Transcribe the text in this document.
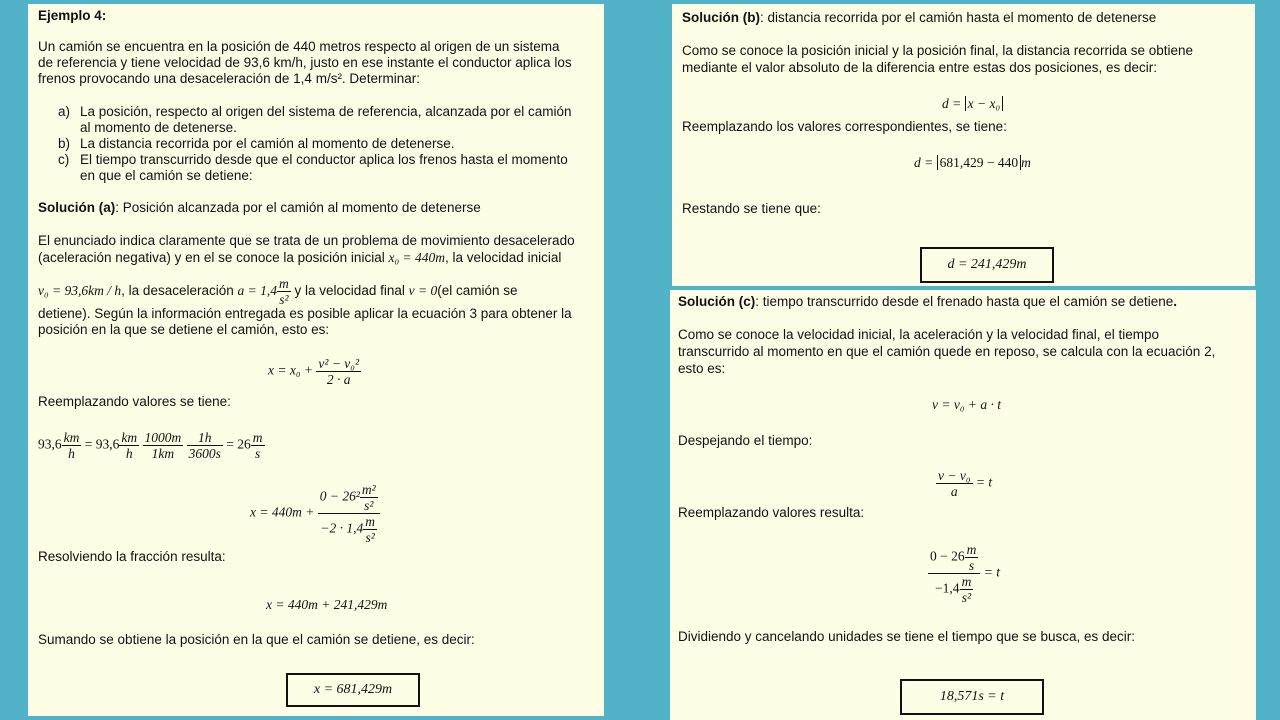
Ejemplo 4:
Un camión se encuentra en la posición de 440 metros respecto al origen de un sistema
de referencia y tiene velocidad de 93,6 km/h, justo en ese instante el conductor aplica los
frenos provocando una desaceleración de 1,4 m/s². Determinar:
a) La posición, respecto al origen del sistema de referencia, alcanzada por el camión
al momento de detenerse.
b) La distancia recorrida por el camión al momento de detenerse.
c) El tiempo transcurrido desde que el conductor aplica los frenos hasta el momento
en que el camión se detiene:
Solución (a): Posición alcanzada por el camión al momento de detenerse
El enunciado indica claramente que se trata de un problema de movimiento desacelerado
(aceleración negativa) y en el se conoce la posición inicial x₀ = 440m, la velocidad inicial
v₀ = 93,6km / h, la desaceleración $a = 1,4 \frac{m}{\text{s²}}$ y la velocidad final v = 0(el camión se
detiene). Según la información entregada es posible aplicar la ecuación 3 para obtener la
posición en la que se detiene el camión, esto es:
$x = x_0 + \frac{\text{v² − v₀²}}{2 \cdot a}$
Reemplazando valores se tiene:
$93,6 \frac{km}{h} = 93,6 \frac{km}{h}$
$\frac{1000m}{1km}$
$\frac{1h}{3600s} = 26 \frac{m}{s}$
$x = 440m + \frac{0 - 26^2 \frac{\text{m²}}{\text{s²}}}{-2 \cdot 1,4 \frac{m}{\text{s²}}}$
Resolviendo la fracción resulta:
x = 440m + 241,429m
Sumando se obtiene la posición en la que el camión se detiene, es decir:
x = 681,429m
Solución (b): distancia recorrida por el camión hasta el momento de detenerse
Como se conoce la posición inicial y la posición final, la distancia recorrida se obtiene
mediante el valor absoluto de la diferencia entre estas dos posiciones, es decir:
d = x − x₀
Reemplazando los valores correspondientes, se tiene:
d = 681,429 − 440 m
Restando se tiene que:
d = 241,429m
Solución (c): tiempo transcurrido desde el frenado hasta que el camión se detiene.
Como se conoce la velocidad inicial, la aceleración y la velocidad final, el tiempo
transcurrido al momento en que el camión quede en reposo, se calcula con la ecuación 2,
esto es:
v = v₀ + a · t
Despejando el tiempo:
$\frac{\text{v − v₀}}{a} = t$
Reemplazando valores resulta:
$\frac{0 - 26 \frac{m}{s}}{-1,4 \frac{m}{\text{s²}}} = t$
Dividiendo y cancelando unidades se tiene el tiempo que se busca, es decir:
18,571s = t
